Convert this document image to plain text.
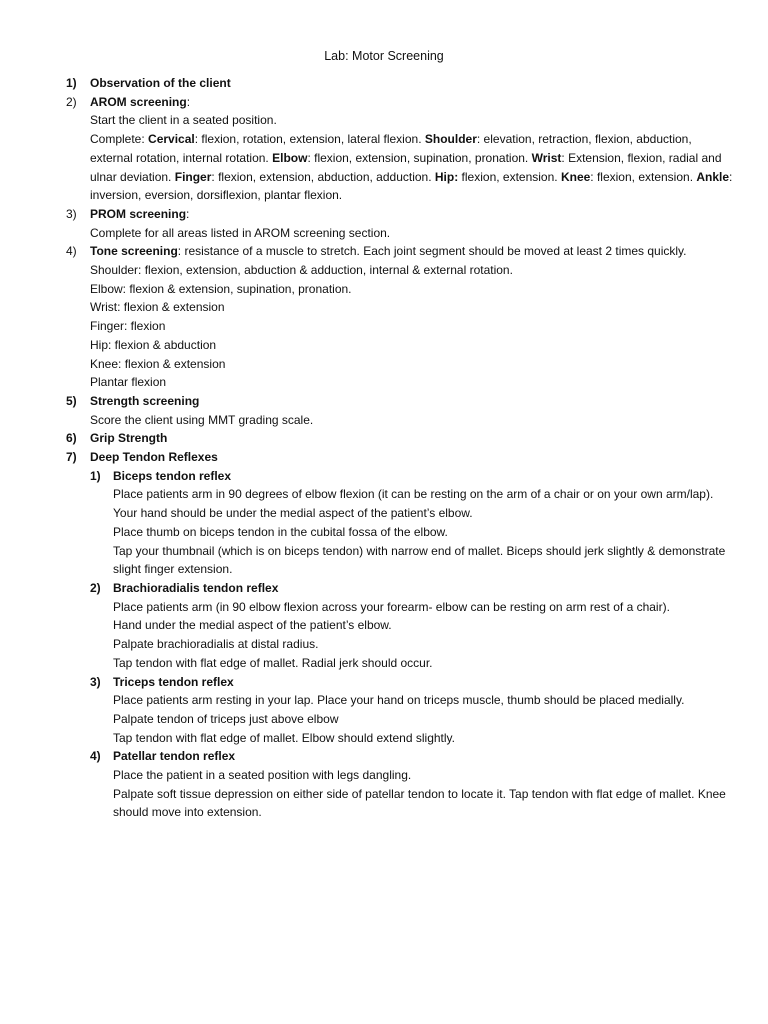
Lab: Motor Screening
1) Observation of the client
2) AROM screening:
Start the client in a seated position.
Complete: Cervical: flexion, rotation, extension, lateral flexion. Shoulder: elevation, retraction, flexion, abduction, external rotation, internal rotation. Elbow: flexion, extension, supination, pronation. Wrist: Extension, flexion, radial and ulnar deviation. Finger: flexion, extension, abduction, adduction. Hip: flexion, extension. Knee: flexion, extension. Ankle: inversion, eversion, dorsiflexion, plantar flexion.
3) PROM screening:
Complete for all areas listed in AROM screening section.
4) Tone screening: resistance of a muscle to stretch. Each joint segment should be moved at least 2 times quickly.
Shoulder: flexion, extension, abduction & adduction, internal & external rotation.
Elbow: flexion & extension, supination, pronation.
Wrist: flexion & extension
Finger: flexion
Hip: flexion & abduction
Knee: flexion & extension
Plantar flexion
5) Strength screening
Score the client using MMT grading scale.
6) Grip Strength
7) Deep Tendon Reflexes
1) Biceps tendon reflex
Place patients arm in 90 degrees of elbow flexion (it can be resting on the arm of a chair or on your own arm/lap). Your hand should be under the medial aspect of the patient’s elbow.
Place thumb on biceps tendon in the cubital fossa of the elbow.
Tap your thumbnail (which is on biceps tendon) with narrow end of mallet. Biceps should jerk slightly & demonstrate slight finger extension.
2) Brachioradialis tendon reflex
Place patients arm (in 90 elbow flexion across your forearm- elbow can be resting on arm rest of a chair).
Hand under the medial aspect of the patient’s elbow.
Palpate brachioradialis at distal radius.
Tap tendon with flat edge of mallet. Radial jerk should occur.
3) Triceps tendon reflex
Place patients arm resting in your lap. Place your hand on triceps muscle, thumb should be placed medially.
Palpate tendon of triceps just above elbow
Tap tendon with flat edge of mallet. Elbow should extend slightly.
4) Patellar tendon reflex
Place the patient in a seated position with legs dangling.
Palpate soft tissue depression on either side of patellar tendon to locate it. Tap tendon with flat edge of mallet. Knee should move into extension.
